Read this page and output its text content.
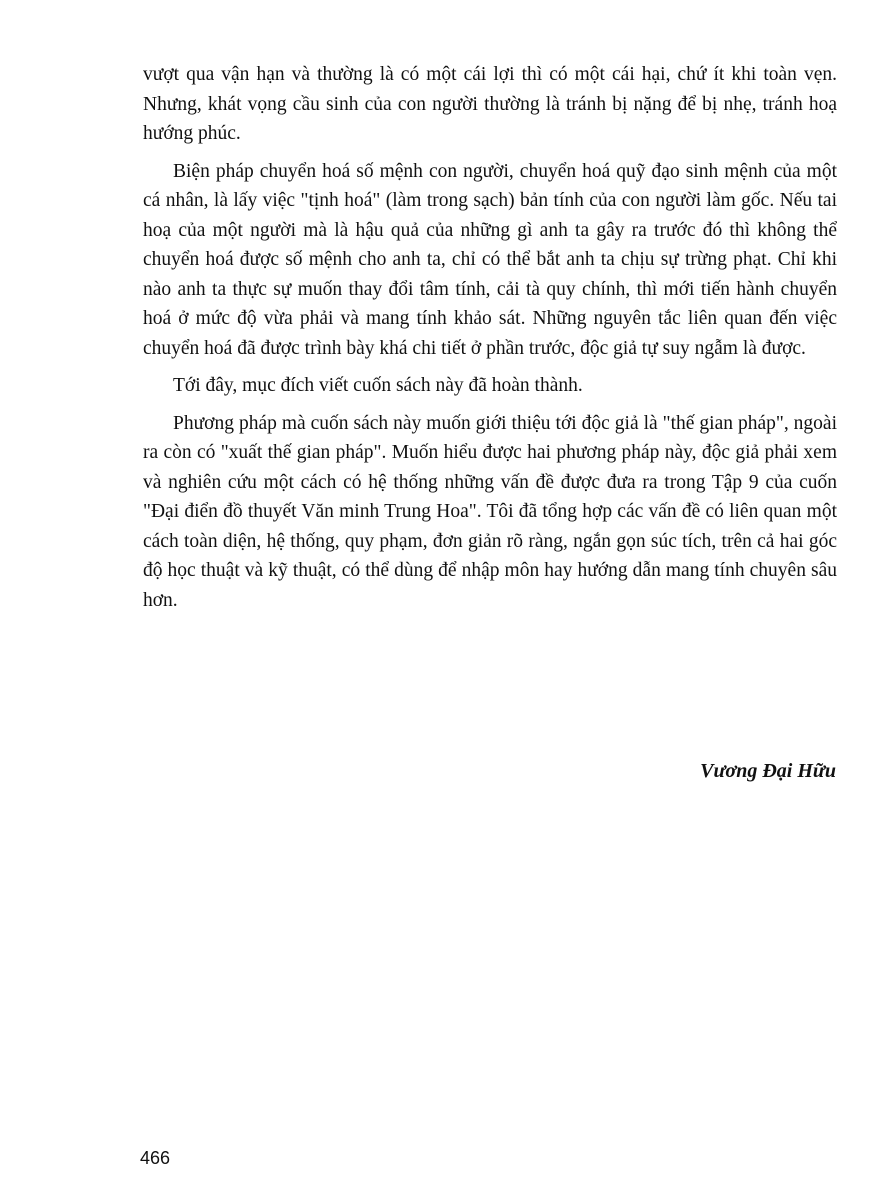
vượt qua vận hạn và thường là có một cái lợi thì có một cái hại, chứ ít khi toàn vẹn. Nhưng, khát vọng cầu sinh của con người thường là tránh bị nặng để bị nhẹ, tránh hoạ hướng phúc.

Biện pháp chuyển hoá số mệnh con người, chuyển hoá quỹ đạo sinh mệnh của một cá nhân, là lấy việc "tịnh hoá" (làm trong sạch) bản tính của con người làm gốc. Nếu tai hoạ của một người mà là hậu quả của những gì anh ta gây ra trước đó thì không thể chuyển hoá được số mệnh cho anh ta, chỉ có thể bắt anh ta chịu sự trừng phạt. Chỉ khi nào anh ta thực sự muốn thay đổi tâm tính, cải tà quy chính, thì mới tiến hành chuyển hoá ở mức độ vừa phải và mang tính khảo sát. Những nguyên tắc liên quan đến việc chuyển hoá đã được trình bày khá chi tiết ở phần trước, độc giả tự suy ngẫm là được.

Tới đây, mục đích viết cuốn sách này đã hoàn thành.

Phương pháp mà cuốn sách này muốn giới thiệu tới độc giả là "thế gian pháp", ngoài ra còn có "xuất thế gian pháp". Muốn hiểu được hai phương pháp này, độc giả phải xem và nghiên cứu một cách có hệ thống những vấn đề được đưa ra trong Tập 9 của cuốn "Đại điển đồ thuyết Văn minh Trung Hoa". Tôi đã tổng hợp các vấn đề có liên quan một cách toàn diện, hệ thống, quy phạm, đơn giản rõ ràng, ngắn gọn súc tích, trên cả hai góc độ học thuật và kỹ thuật, có thể dùng để nhập môn hay hướng dẫn mang tính chuyên sâu hơn.

Vương Đại Hữu
466
